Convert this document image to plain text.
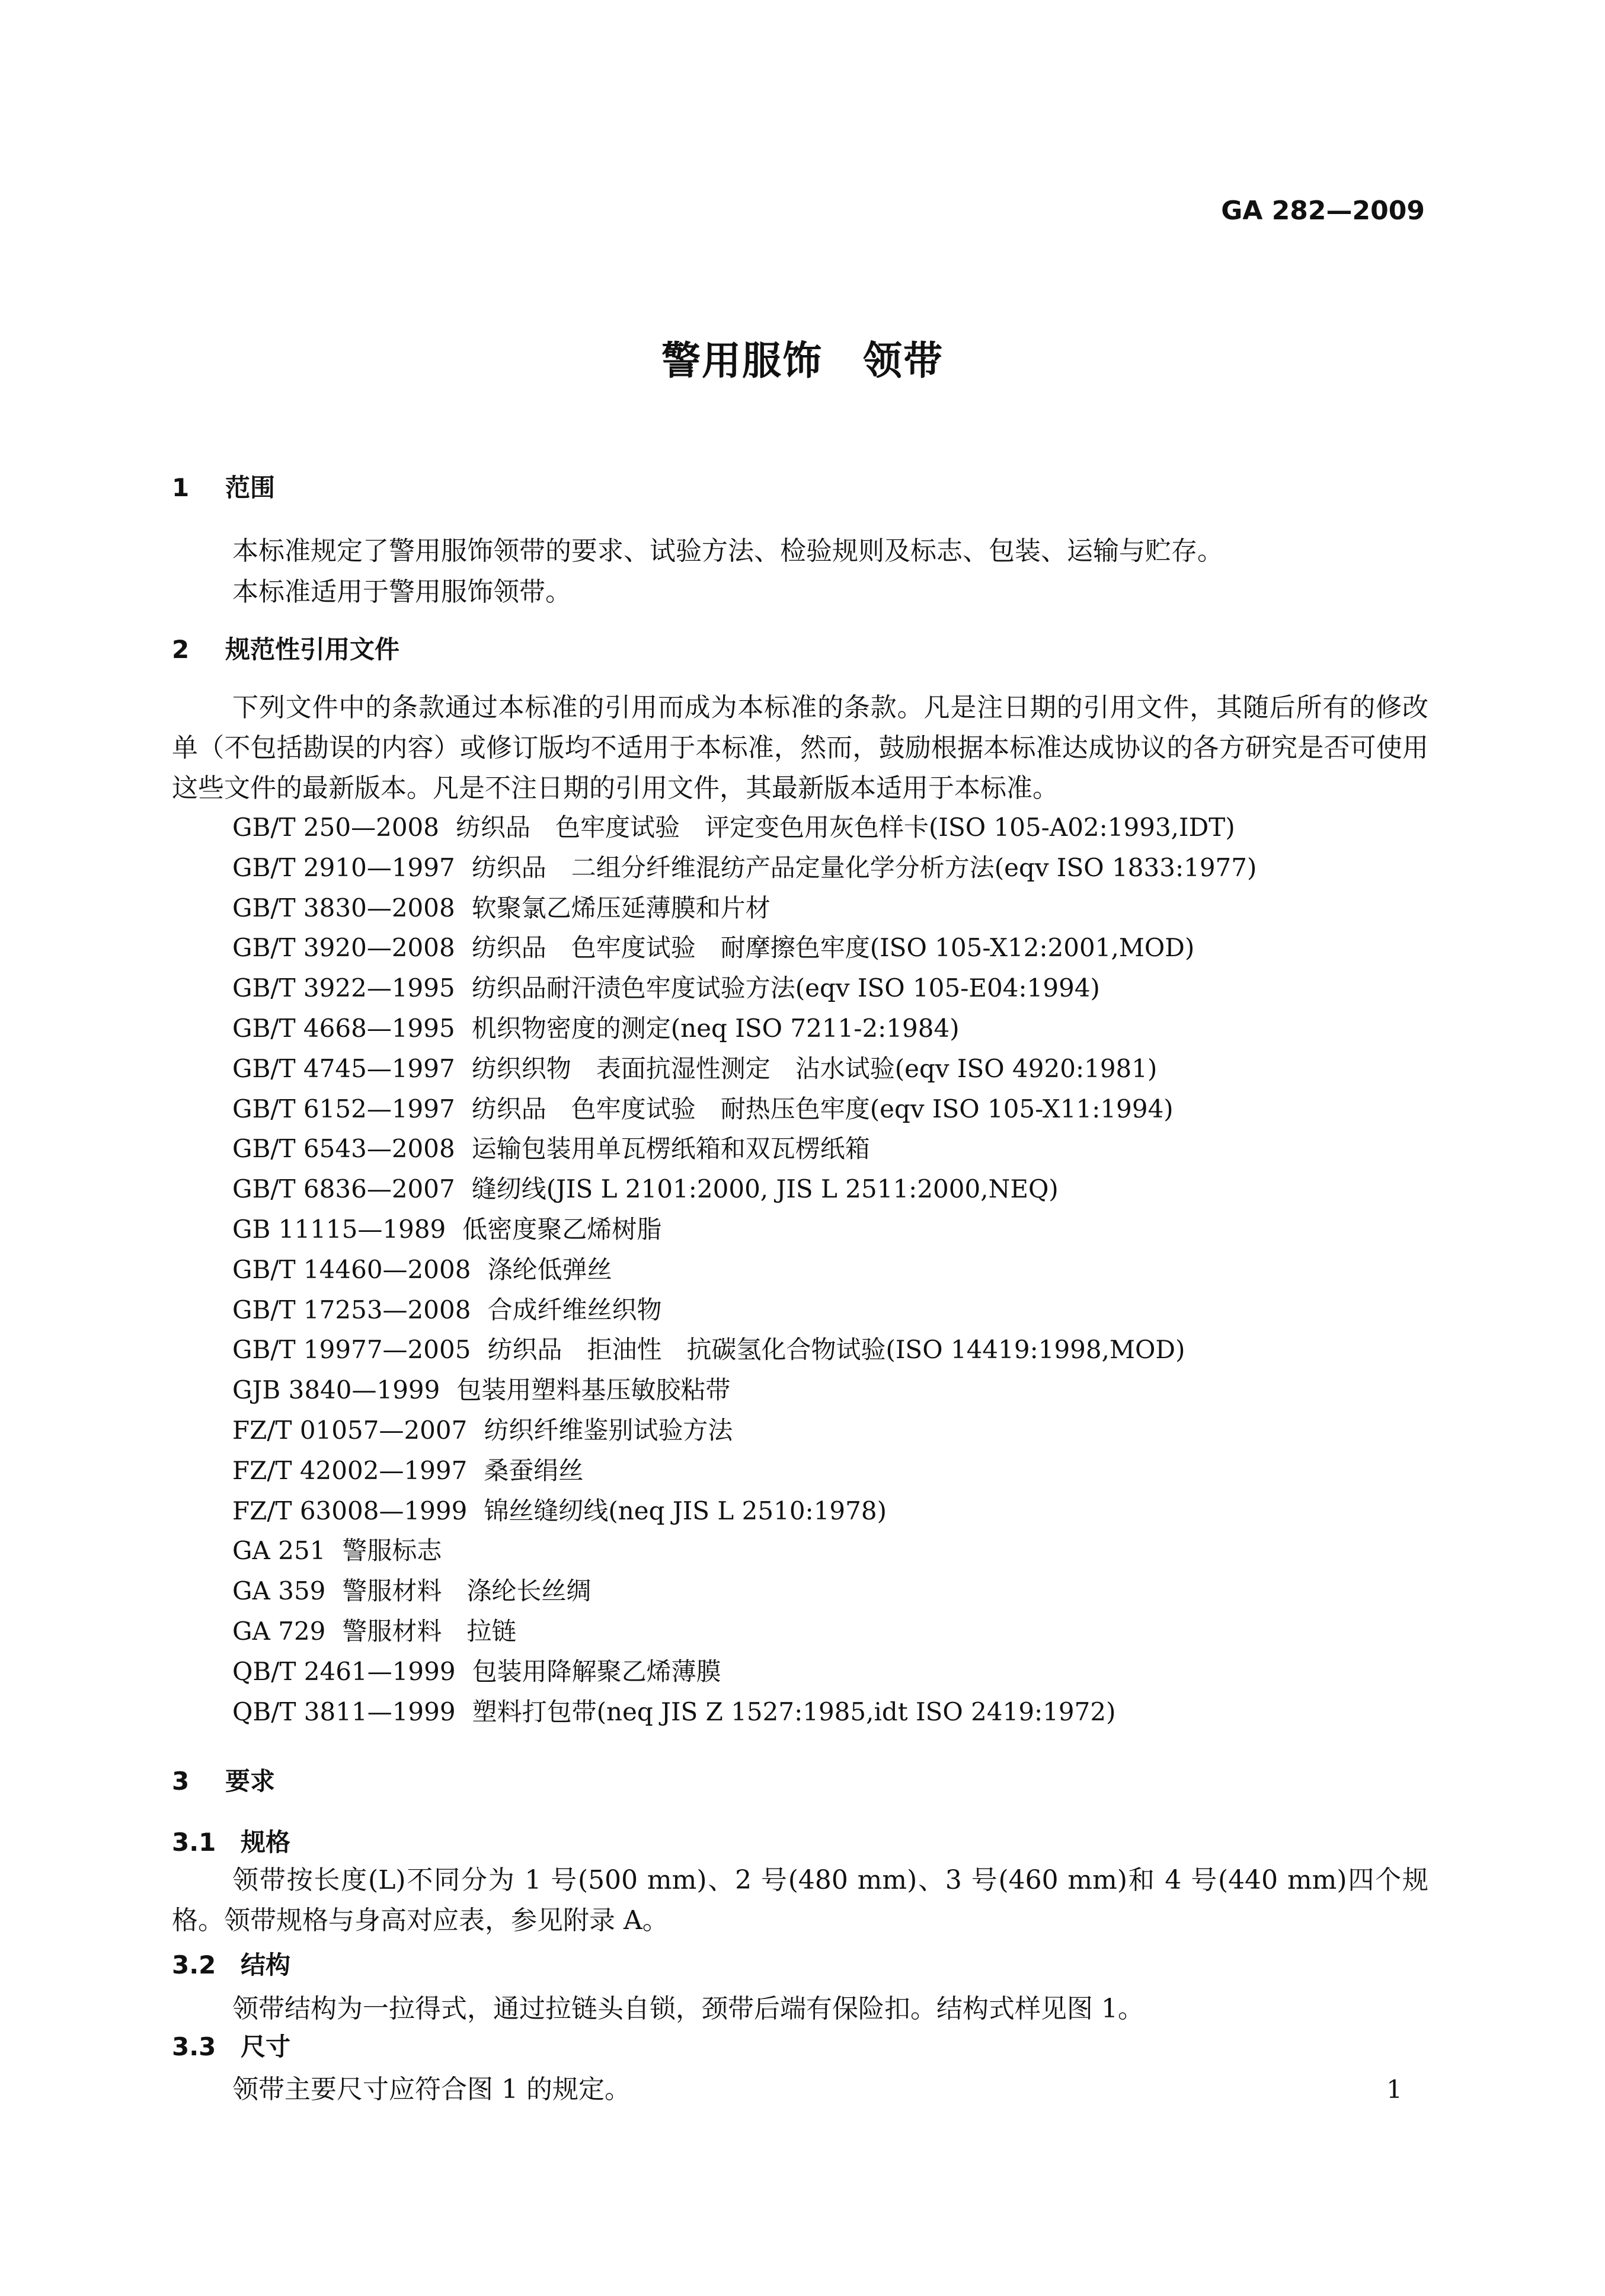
GA 282—2009
警用服饰　领带
1 范围
本标准规定了警用服饰领带的要求、试验方法、检验规则及标志、包装、运输与贮存。
本标准适用于警用服饰领带。
2 规范性引用文件
下列文件中的条款通过本标准的引用而成为本标准的条款。凡是注日期的引用文件，其随后所有的修改单（不包括勘误的内容）或修订版均不适用于本标准，然而，鼓励根据本标准达成协议的各方研究是否可使用这些文件的最新版本。凡是不注日期的引用文件，其最新版本适用于本标准。
GB/T 250—2008 纺织品　色牢度试验　评定变色用灰色样卡(ISO 105-A02:1993,IDT)
GB/T 2910—1997 纺织品　二组分纤维混纺产品定量化学分析方法(eqv ISO 1833:1977)
GB/T 3830—2008 软聚氯乙烯压延薄膜和片材
GB/T 3920—2008 纺织品　色牢度试验　耐摩擦色牢度(ISO 105-X12:2001,MOD)
GB/T 3922—1995 纺织品耐汗渍色牢度试验方法(eqv ISO 105-E04:1994)
GB/T 4668—1995 机织物密度的测定(neq ISO 7211-2:1984)
GB/T 4745—1997 纺织织物　表面抗湿性测定　沾水试验(eqv ISO 4920:1981)
GB/T 6152—1997 纺织品　色牢度试验　耐热压色牢度(eqv ISO 105-X11:1994)
GB/T 6543—2008 运输包装用单瓦楞纸箱和双瓦楞纸箱
GB/T 6836—2007 缝纫线(JIS L 2101:2000, JIS L 2511:2000,NEQ)
GB 11115—1989 低密度聚乙烯树脂
GB/T 14460—2008 涤纶低弹丝
GB/T 17253—2008 合成纤维丝织物
GB/T 19977—2005 纺织品　拒油性　抗碳氢化合物试验(ISO 14419:1998,MOD)
GJB 3840—1999 包装用塑料基压敏胶粘带
FZ/T 01057—2007 纺织纤维鉴别试验方法
FZ/T 42002—1997 桑蚕绢丝
FZ/T 63008—1999 锦丝缝纫线(neq JIS L 2510:1978)
GA 251 警服标志
GA 359 警服材料　涤纶长丝绸
GA 729 警服材料　拉链
QB/T 2461—1999 包装用降解聚乙烯薄膜
QB/T 3811—1999 塑料打包带(neq JIS Z 1527:1985,idt ISO 2419:1972)
3 要求
3.1 规格
领带按长度(L)不同分为 1 号(500 mm)、2 号(480 mm)、3 号(460 mm)和 4 号(440 mm)四个规格。领带规格与身高对应表，参见附录 A。
3.2 结构
领带结构为一拉得式，通过拉链头自锁，颈带后端有保险扣。结构式样见图 1。
3.3 尺寸
领带主要尺寸应符合图 1 的规定。	1
